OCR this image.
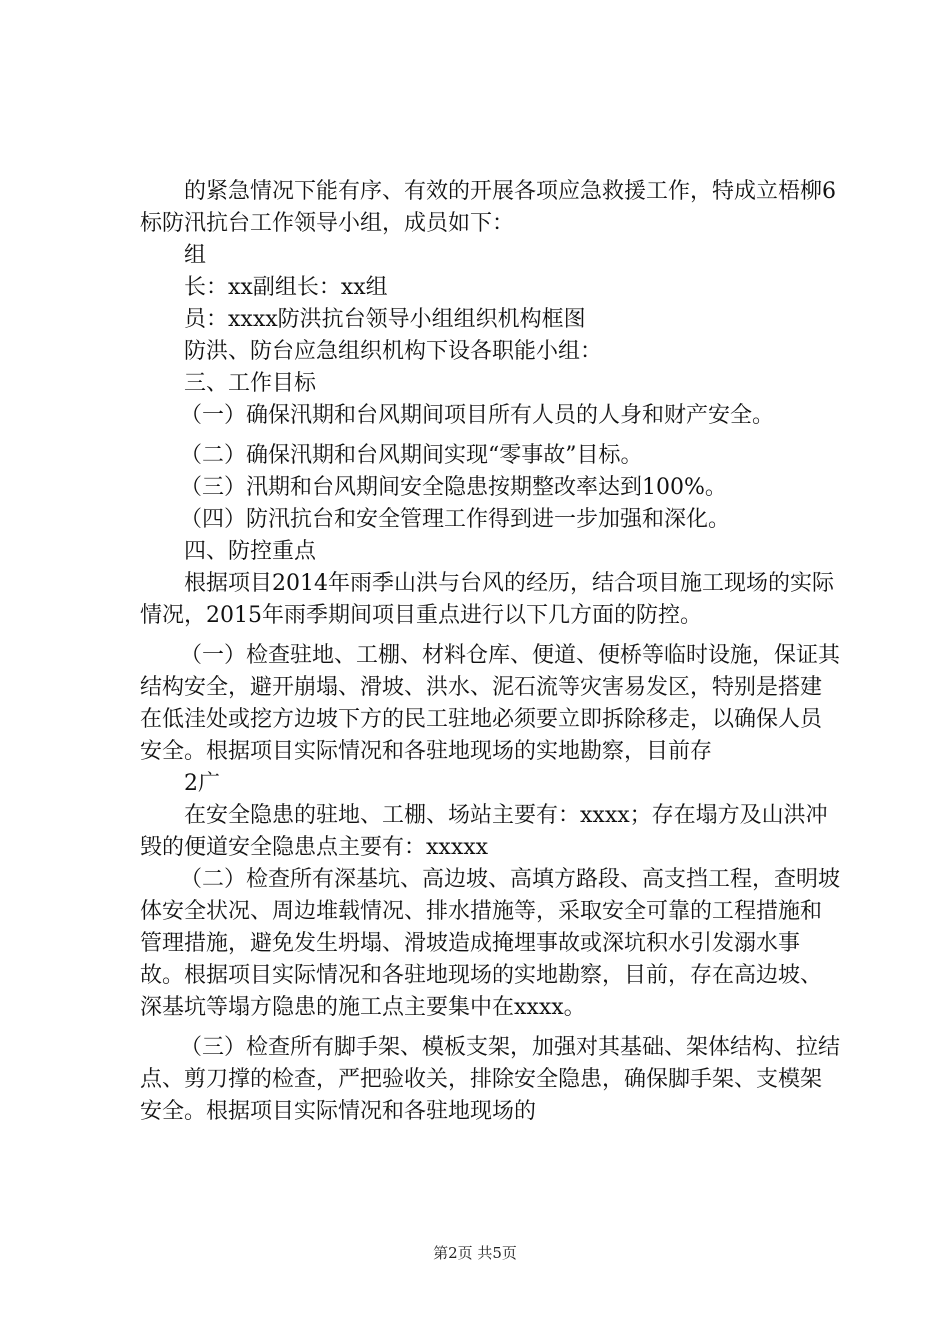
的紧急情况下能有序、有效的开展各项应急救援工作，特成立梧柳6标防汛抗台工作领导小组，成员如下：

组

长：xx副组长：xx组

员：xxxx防洪抗台领导小组组织机构框图

防洪、防台应急组织机构下设各职能小组：

三、工作目标

（一）确保汛期和台风期间项目所有人员的人身和财产安全。

（二）确保汛期和台风期间实现“零事故”目标。

（三）汛期和台风期间安全隐患按期整改率达到100%。

（四）防汛抗台和安全管理工作得到进一步加强和深化。

四、防控重点

根据项目2014年雨季山洪与台风的经历，结合项目施工现场的实际情况，2015年雨季期间项目重点进行以下几方面的防控。

（一）检查驻地、工棚、材料仓库、便道、便桥等临时设施，保证其结构安全，避开崩塌、滑坡、洪水、泥石流等灾害易发区，特别是搭建在低洼处或挖方边坡下方的民工驻地必须要立即拆除移走，以确保人员安全。根据项目实际情况和各驻地现场的实地勘察，目前存

2广

在安全隐患的驻地、工棚、场站主要有：xxxx；存在塌方及山洪冲毁的便道安全隐患点主要有：xxxxx

（二）检查所有深基坑、高边坡、高填方路段、高支挡工程，查明坡体安全状况、周边堆载情况、排水措施等，采取安全可靠的工程措施和管理措施，避免发生坍塌、滑坡造成掩埋事故或深坑积水引发溺水事故。根据项目实际情况和各驻地现场的实地勘察，目前，存在高边坡、深基坑等塌方隐患的施工点主要集中在xxxx。

（三）检查所有脚手架、模板支架，加强对其基础、架体结构、拉结点、剪刀撑的检查，严把验收关，排除安全隐患，确保脚手架、支模架安全。根据项目实际情况和各驻地现场的

第2页 共5页
